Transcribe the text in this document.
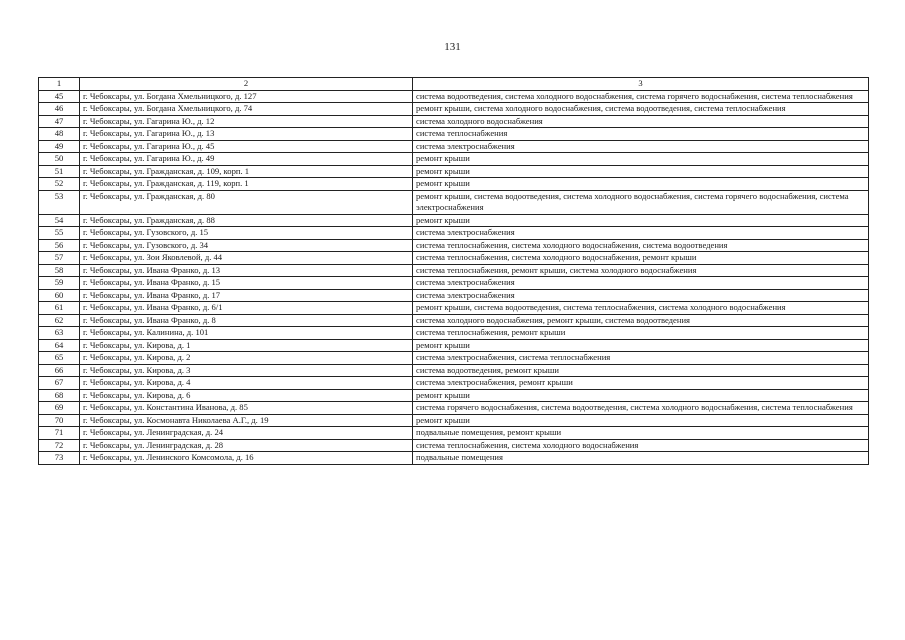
131
1	2	3
45	г. Чебоксары, ул. Богдана Хмельницкого, д. 127	система водоотведения, система холодного водоснабжения, система горячего водоснабжения, система теплоснабжения
46	г. Чебоксары, ул. Богдана Хмельницкого, д. 74	ремонт крыши, система холодного водоснабжения, система водоотведения, система теплоснабжения
47	г. Чебоксары, ул. Гагарина Ю., д. 12	система холодного водоснабжения
48	г. Чебоксары, ул. Гагарина Ю., д. 13	система теплоснабжения
49	г. Чебоксары, ул. Гагарина Ю., д. 45	система электроснабжения
50	г. Чебоксары, ул. Гагарина Ю., д. 49	ремонт крыши
51	г. Чебоксары, ул. Гражданская, д. 109, корп. 1	ремонт крыши
52	г. Чебоксары, ул. Гражданская, д. 119, корп. 1	ремонт крыши
53	г. Чебоксары, ул. Гражданская, д. 80	ремонт крыши, система водоотведения, система холодного водоснабжения, система горячего водоснабжения, система электроснабжения
54	г. Чебоксары, ул. Гражданская, д. 88	ремонт крыши
55	г. Чебоксары, ул. Гузовского, д. 15	система электроснабжения
56	г. Чебоксары, ул. Гузовского, д. 34	система теплоснабжения, система холодного водоснабжения, система водоотведения
57	г. Чебоксары, ул. Зои Яковлевой, д. 44	система теплоснабжения, система холодного водоснабжения, ремонт крыши
58	г. Чебоксары, ул. Ивана Франко, д. 13	система теплоснабжения, ремонт крыши, система холодного водоснабжения
59	г. Чебоксары, ул. Ивана Франко, д. 15	система электроснабжения
60	г. Чебоксары, ул. Ивана Франко, д. 17	система электроснабжения
61	г. Чебоксары, ул. Ивана Франко, д. 6/1	ремонт крыши, система водоотведения, система теплоснабжения, система холодного водоснабжения
62	г. Чебоксары, ул. Ивана Франко, д. 8	система холодного водоснабжения, ремонт крыши, система водоотведения
63	г. Чебоксары, ул. Калинина, д. 101	система теплоснабжения, ремонт крыши
64	г. Чебоксары, ул. Кирова, д. 1	ремонт крыши
65	г. Чебоксары, ул. Кирова, д. 2	система электроснабжения, система теплоснабжения
66	г. Чебоксары, ул. Кирова, д. 3	система водоотведения, ремонт крыши
67	г. Чебоксары, ул. Кирова, д. 4	система электроснабжения, ремонт крыши
68	г. Чебоксары, ул. Кирова, д. 6	ремонт крыши
69	г. Чебоксары, ул. Константина Иванова, д. 85	система горячего водоснабжения, система водоотведения, система холодного водоснабжения, система теплоснабжения
70	г. Чебоксары, ул. Космонавта Николаева А.Г., д. 19	ремонт крыши
71	г. Чебоксары, ул. Ленинградская, д. 24	подвальные помещения, ремонт крыши
72	г. Чебоксары, ул. Ленинградская, д. 28	система теплоснабжения, система холодного водоснабжения
73	г. Чебоксары, ул. Ленинского Комсомола, д. 16	подвальные помещения
